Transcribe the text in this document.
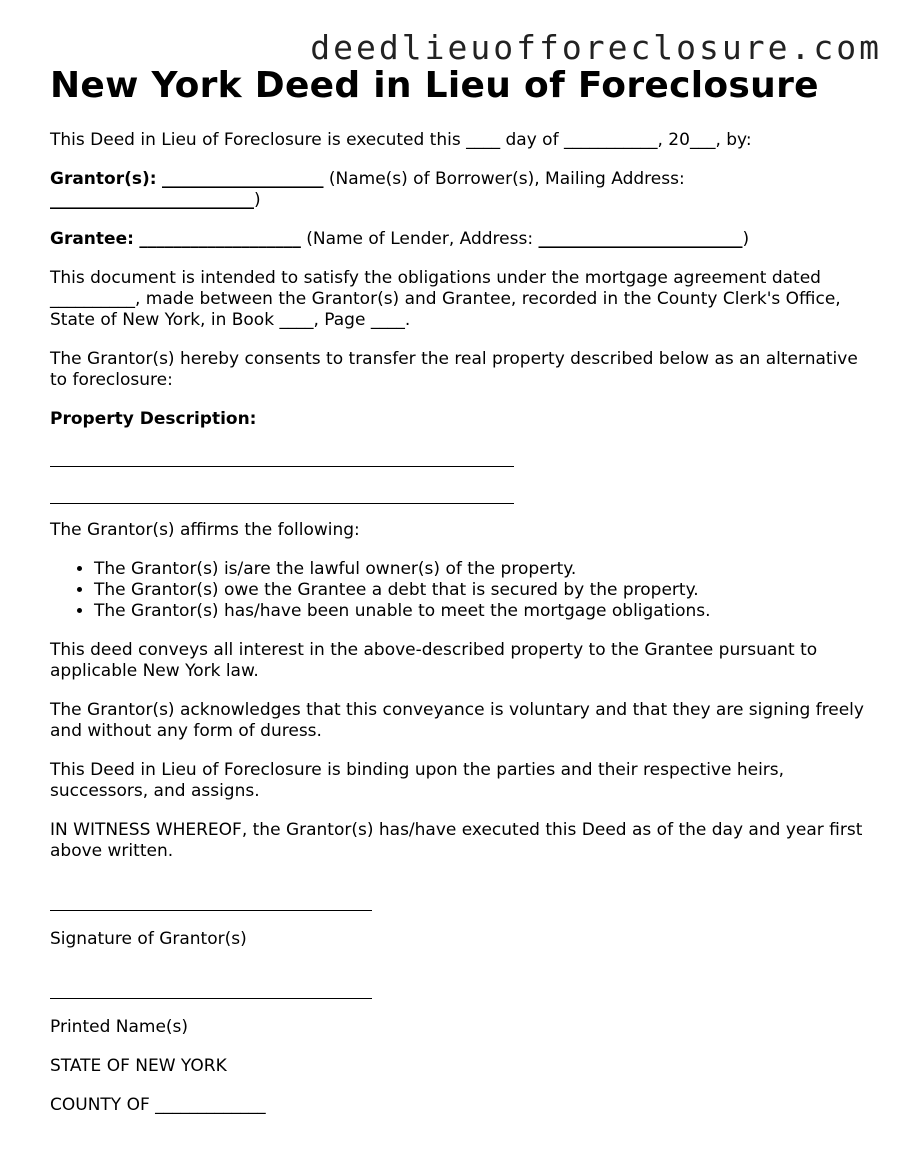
deedlieuofforeclosure.com
New York Deed in Lieu of Foreclosure

This Deed in Lieu of Foreclosure is executed this ____ day of ___________, 20___, by:

Grantor(s): ___________________ (Name(s) of Borrower(s), Mailing Address:
________________________)

Grantee: ___________________ (Name of Lender, Address: ________________________)

This document is intended to satisfy the obligations under the mortgage agreement dated __________, made between the Grantor(s) and Grantee, recorded in the County Clerk's Office, State of New York, in Book ____, Page ____.

The Grantor(s) hereby consents to transfer the real property described below as an alternative to foreclosure:

Property Description:

The Grantor(s) affirms the following:

• The Grantor(s) is/are the lawful owner(s) of the property.
• The Grantor(s) owe the Grantee a debt that is secured by the property.
• The Grantor(s) has/have been unable to meet the mortgage obligations.

This deed conveys all interest in the above-described property to the Grantee pursuant to applicable New York law.

The Grantor(s) acknowledges that this conveyance is voluntary and that they are signing freely and without any form of duress.

This Deed in Lieu of Foreclosure is binding upon the parties and their respective heirs, successors, and assigns.

IN WITNESS WHEREOF, the Grantor(s) has/have executed this Deed as of the day and year first above written.

Signature of Grantor(s)

Printed Name(s)

STATE OF NEW YORK

COUNTY OF _____________
